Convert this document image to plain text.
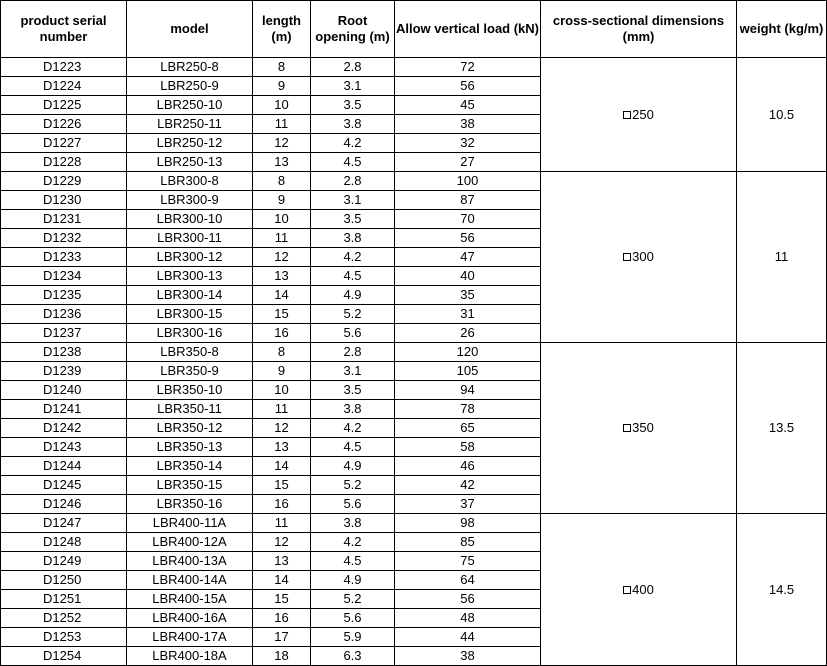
product serial number	model	length (m)	Root opening (m)	Allow vertical load (kN)	cross-sectional dimensions (mm)	weight (kg/m)
D1223	LBR250-8	8	2.8	72	250	10.5
D1224	LBR250-9	9	3.1	56		
D1225	LBR250-10	10	3.5	45		
D1226	LBR250-11	11	3.8	38		
D1227	LBR250-12	12	4.2	32		
D1228	LBR250-13	13	4.5	27		
D1229	LBR300-8	8	2.8	100	300	11
D1230	LBR300-9	9	3.1	87		
D1231	LBR300-10	10	3.5	70		
D1232	LBR300-11	11	3.8	56		
D1233	LBR300-12	12	4.2	47		
D1234	LBR300-13	13	4.5	40		
D1235	LBR300-14	14	4.9	35		
D1236	LBR300-15	15	5.2	31		
D1237	LBR300-16	16	5.6	26		
D1238	LBR350-8	8	2.8	120	350	13.5
D1239	LBR350-9	9	3.1	105		
D1240	LBR350-10	10	3.5	94		
D1241	LBR350-11	11	3.8	78		
D1242	LBR350-12	12	4.2	65		
D1243	LBR350-13	13	4.5	58		
D1244	LBR350-14	14	4.9	46		
D1245	LBR350-15	15	5.2	42		
D1246	LBR350-16	16	5.6	37		
D1247	LBR400-11A	11	3.8	98	400	14.5
D1248	LBR400-12A	12	4.2	85		
D1249	LBR400-13A	13	4.5	75		
D1250	LBR400-14A	14	4.9	64		
D1251	LBR400-15A	15	5.2	56		
D1252	LBR400-16A	16	5.6	48		
D1253	LBR400-17A	17	5.9	44		
D1254	LBR400-18A	18	6.3	38		
